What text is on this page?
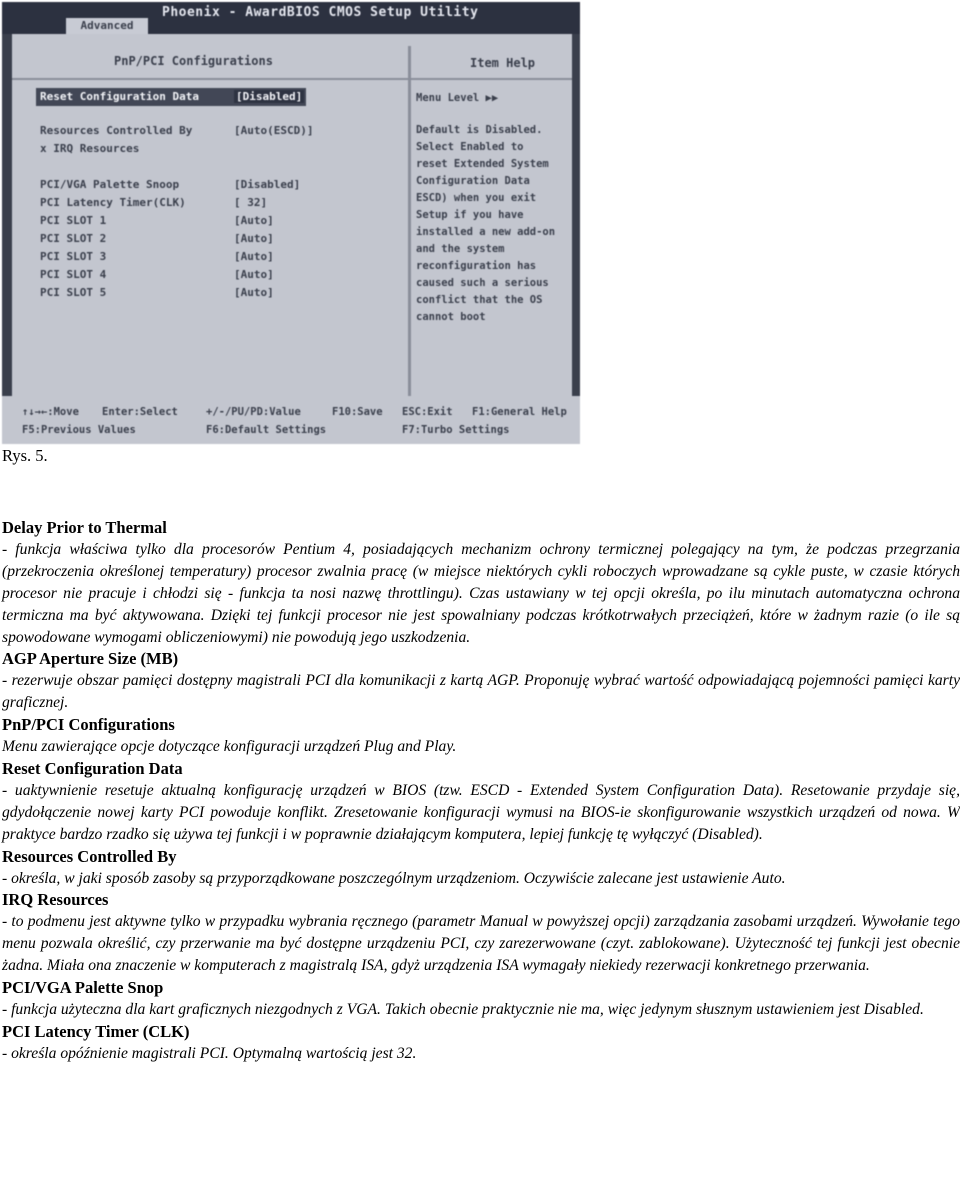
Phoenix - AwardBIOS CMOS Setup Utility
Advanced
PnP/PCI Configurations	Item Help
Reset Configuration Data	[Disabled]
Resources Controlled By	[Auto(ESCD)]
x IRQ Resources
PCI/VGA Palette Snoop	[Disabled]
PCI Latency Timer(CLK)	[ 32]
PCI SLOT 1	[Auto]
PCI SLOT 2	[Auto]
PCI SLOT 3	[Auto]
PCI SLOT 4	[Auto]
PCI SLOT 5	[Auto]
Menu Level ▶▶
Default is Disabled.
Select Enabled to
reset Extended System
Configuration Data
ESCD) when you exit
Setup if you have
installed a new add-on
and the system
reconfiguration has
caused such a serious
conflict that the OS
cannot boot
↑↓→←:Move Enter:Select	+/-/PU/PD:Value	F10:Save ESC:Exit F1:General Help
F5:Previous Values	F6:Default Settings	F7:Turbo Settings
Rys. 5.
Delay Prior to Thermal

- funkcja właściwa tylko dla procesorów Pentium 4, posiadających mechanizm ochrony termicznej polegający na tym, że podczas przegrzania (przekroczenia określonej temperatury) procesor zwalnia pracę (w miejsce niektórych cykli roboczych wprowadzane są cykle puste, w czasie których procesor nie pracuje i chłodzi się - funkcja ta nosi nazwę throttlingu). Czas ustawiany w tej opcji określa, po ilu minutach automatyczna ochrona termiczna ma być aktywowana. Dzięki tej funkcji procesor nie jest spowalniany podczas krótkotrwałych przeciążeń, które w żadnym razie (o ile są spowodowane wymogami obliczeniowymi) nie powodują jego uszkodzenia.

AGP Aperture Size (MB)

- rezerwuje obszar pamięci dostępny magistrali PCI dla komunikacji z kartą AGP. Proponuję wybrać wartość odpowiadającą pojemności pamięci karty graficznej.

PnP/PCI Configurations

Menu zawierające opcje dotyczące konfiguracji urządzeń Plug and Play.

Reset Configuration Data

- uaktywnienie resetuje aktualną konfigurację urządzeń w BIOS (tzw. ESCD - Extended System Configuration Data). Resetowanie przydaje się, gdydołączenie nowej karty PCI powoduje konflikt. Zresetowanie konfiguracji wymusi na BIOS-ie skonfigurowanie wszystkich urządzeń od nowa. W praktyce bardzo rzadko się używa tej funkcji i w poprawnie działającym komputera, lepiej funkcję tę wyłączyć (Disabled).

Resources Controlled By

- określa, w jaki sposób zasoby są przyporządkowane poszczególnym urządzeniom. Oczywiście zalecane jest ustawienie Auto.

IRQ Resources

- to podmenu jest aktywne tylko w przypadku wybrania ręcznego (parametr Manual w powyższej opcji) zarządzania zasobami urządzeń. Wywołanie tego menu pozwala określić, czy przerwanie ma być dostępne urządzeniu PCI, czy zarezerwowane (czyt. zablokowane). Użyteczność tej funkcji jest obecnie żadna. Miała ona znaczenie w komputerach z magistralą ISA, gdyż urządzenia ISA wymagały niekiedy rezerwacji konkretnego przerwania.

PCI/VGA Palette Snop

- funkcja użyteczna dla kart graficznych niezgodnych z VGA. Takich obecnie praktycznie nie ma, więc jedynym słusznym ustawieniem jest Disabled.

PCI Latency Timer (CLK)

- określa opóźnienie magistrali PCI. Optymalną wartością jest 32.
